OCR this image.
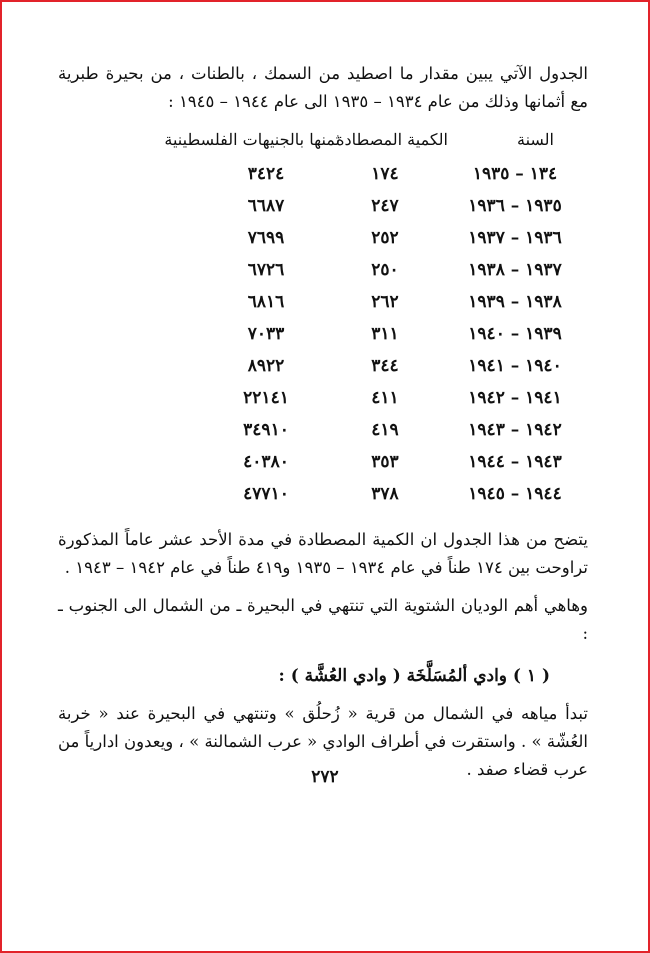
الجدول الآتي يبين مقدار ما اصطيد من السمك ، بالطنات ، من بحيرة طبرية مع أثمانها وذلك من عام ١٩٣٤ – ١٩٣٥ الى عام ١٩٤٤ – ١٩٤٥ :

السنة
الكمية المصطادة
ثمنها بالجنيهات الفلسطينية
١٣٤ – ١٩٣٥
١٧٤
٣٤٢٤
١٩٣٥ – ١٩٣٦
٢٤٧
٦٦٨٧
١٩٣٦ – ١٩٣٧
٢٥٢
٧٦٩٩
١٩٣٧ – ١٩٣٨
٢٥٠
٦٧٢٦
١٩٣٨ – ١٩٣٩
٢٦٢
٦٨١٦
١٩٣٩ – ١٩٤٠
٣١١
٧٠٣٣
١٩٤٠ – ١٩٤١
٣٤٤
٨٩٢٢
١٩٤١ – ١٩٤٢
٤١١
٢٢١٤١
١٩٤٢ – ١٩٤٣
٤١٩
٣٤٩١٠
١٩٤٣ – ١٩٤٤
٣٥٣
٤٠٣٨٠
١٩٤٤ – ١٩٤٥
٣٧٨
٤٧٧١٠

يتضح من هذا الجدول ان الكمية المصطادة في مدة الأحد عشر عاماً المذكورة تراوحت بين ١٧٤ طناً في عام ١٩٣٤ – ١٩٣٥ و٤١٩ طناً في عام ١٩٤٢ – ١٩٤٣ .

وهاهي أهم الوديان الشتوية التي تنتهي في البحيرة ـ من الشمال الى الجنوب ـ :

( ١ ) وادي ألمُسَلَّخَة ( وادي العُشَّة ) :

تبدأ مياهه في الشمال من قرية « زُحلُق » وتنتهي في البحيرة عند « خربة العُشّة » . واستقرت في أطراف الوادي « عرب الشمالنة » ، ويعدون ادارياً من عرب قضاء صفد .

٢٧٢
